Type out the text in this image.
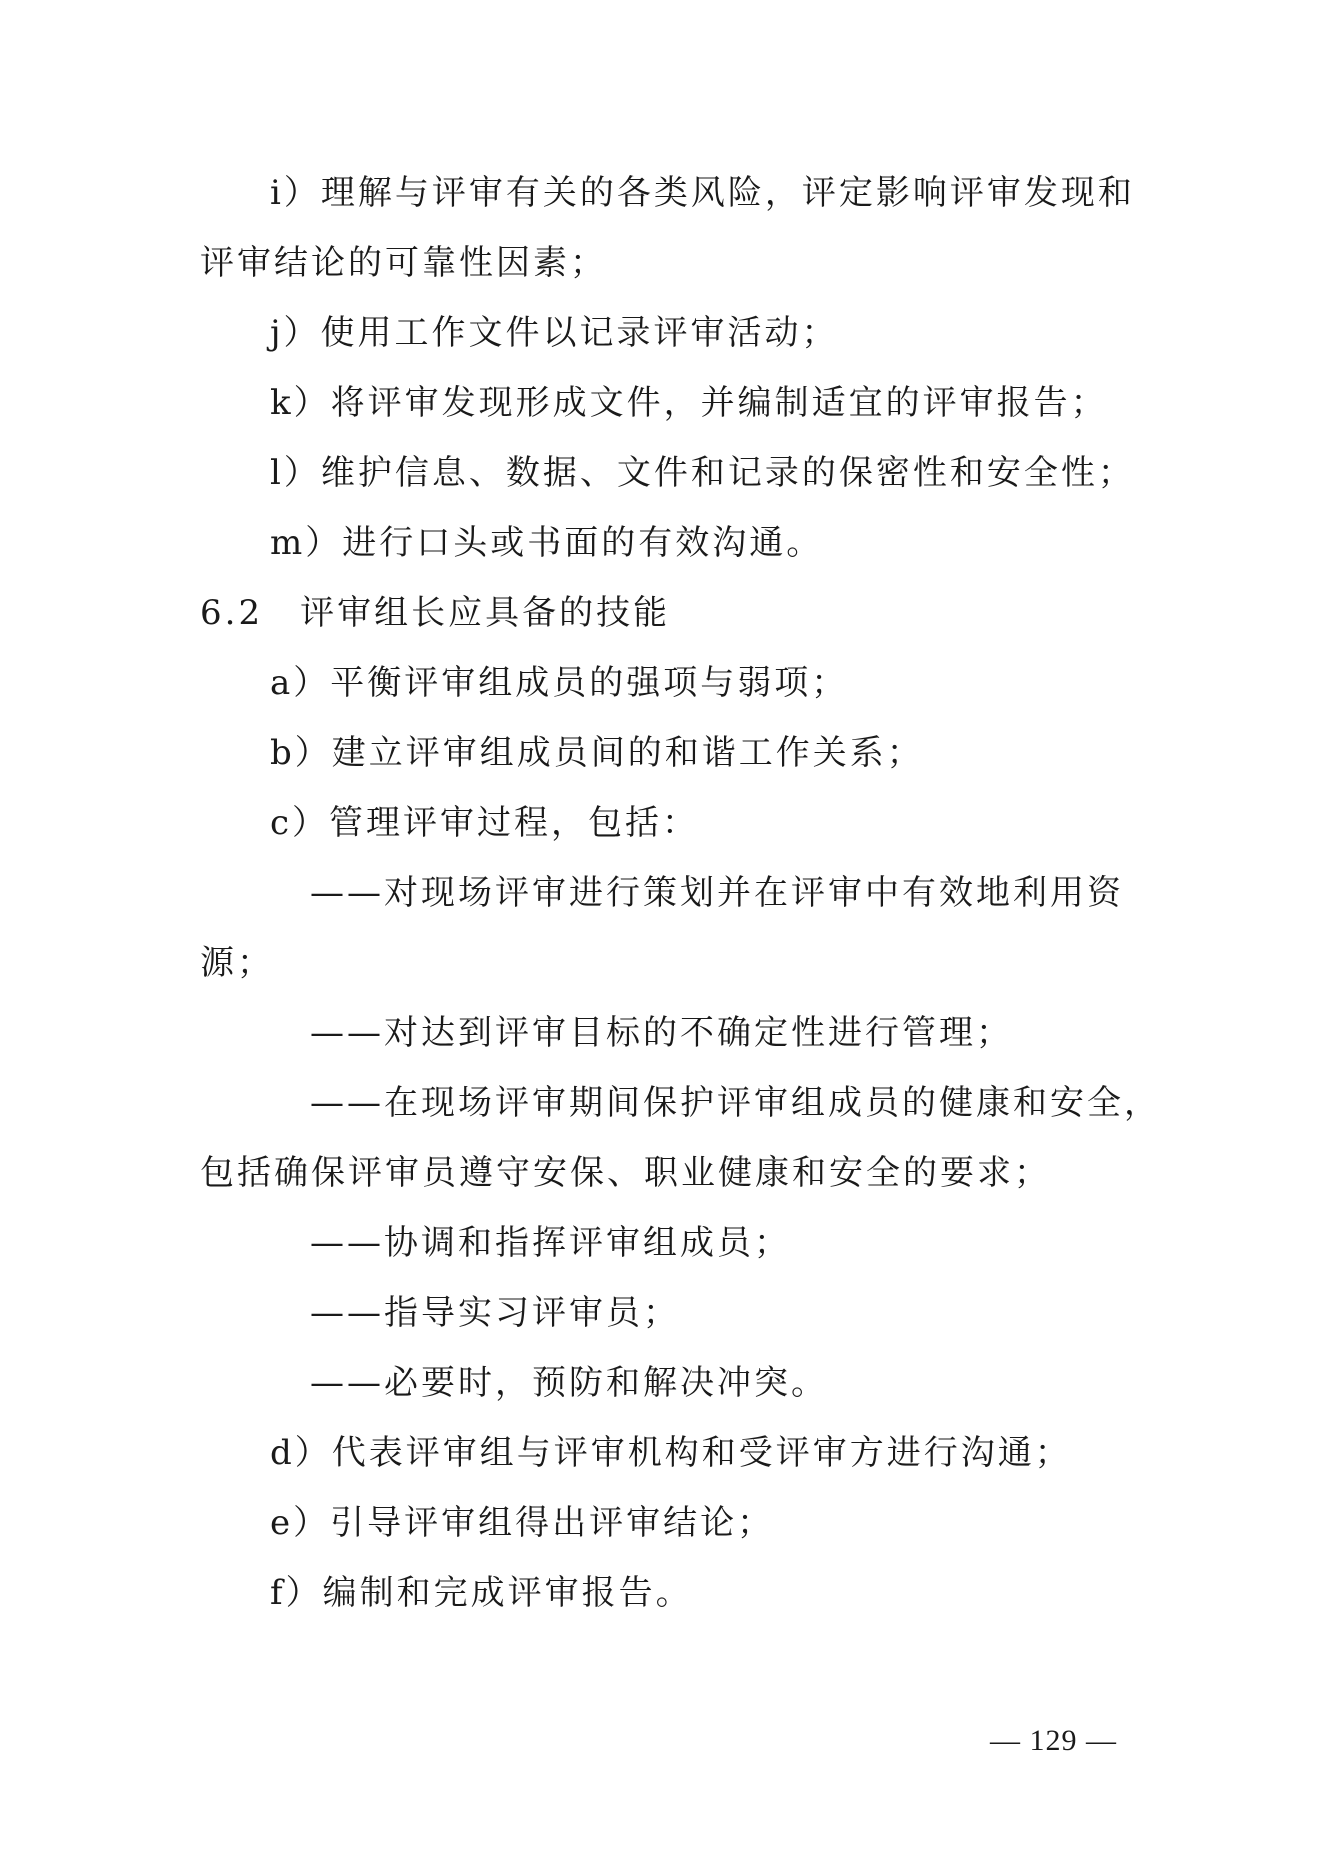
i）理解与评审有关的各类风险，评定影响评审发现和
评审结论的可靠性因素；
j）使用工作文件以记录评审活动；
k）将评审发现形成文件，并编制适宜的评审报告；
l）维护信息、数据、文件和记录的保密性和安全性；
m）进行口头或书面的有效沟通。
6.2　评审组长应具备的技能
a）平衡评审组成员的强项与弱项；
b）建立评审组成员间的和谐工作关系；
c）管理评审过程，包括：
——对现场评审进行策划并在评审中有效地利用资
源；
——对达到评审目标的不确定性进行管理；
——在现场评审期间保护评审组成员的健康和安全，
包括确保评审员遵守安保、职业健康和安全的要求；
——协调和指挥评审组成员；
——指导实习评审员；
——必要时，预防和解决冲突。
d）代表评审组与评审机构和受评审方进行沟通；
e）引导评审组得出评审结论；
f）编制和完成评审报告。
— 129 —
